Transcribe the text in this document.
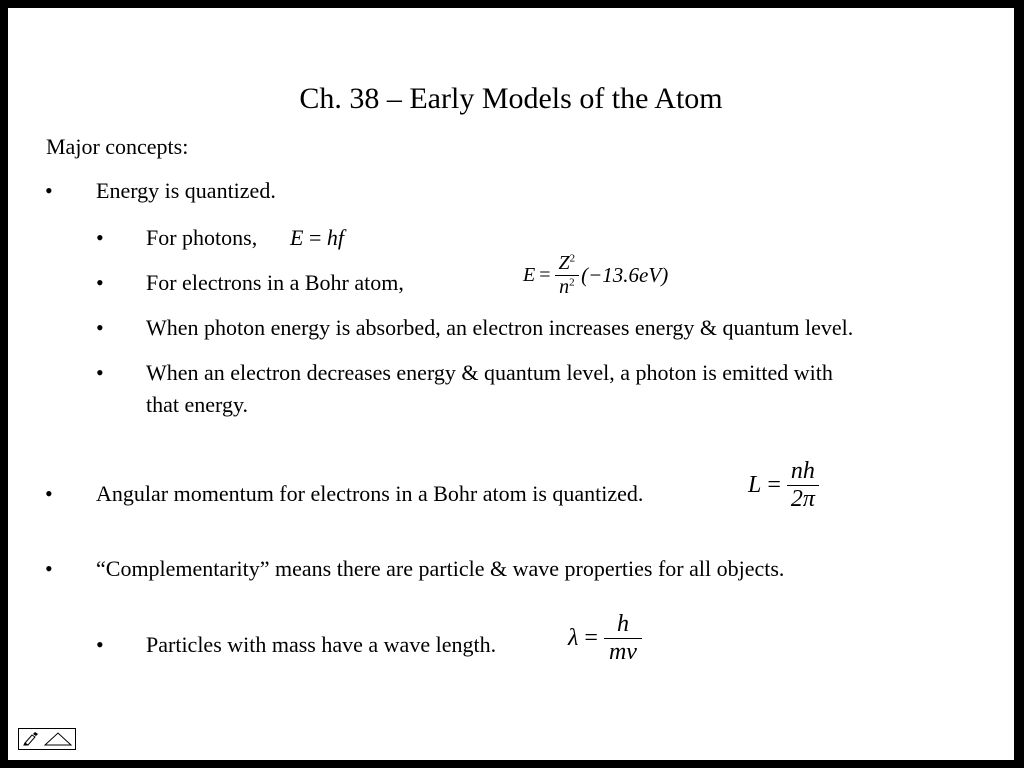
Ch. 38 – Early Models of the Atom
Major concepts:
• Energy is quantized.
• For photons, E = hf
• For electrons in a Bohr atom,	$E = \frac{Z^2}{n^2} (-13.6eV)$
• When photon energy is absorbed, an electron increases energy & quantum level.
• When an electron decreases energy & quantum level, a photon is emitted with
that energy.
• Angular momentum for electrons in a Bohr atom is quantized.	$L = \frac{nh}{2\pi}$
• “Complementarity” means there are particle & wave properties for all objects.
• Particles with mass have a wave length.	$\lambda = \frac{h}{mv}$
